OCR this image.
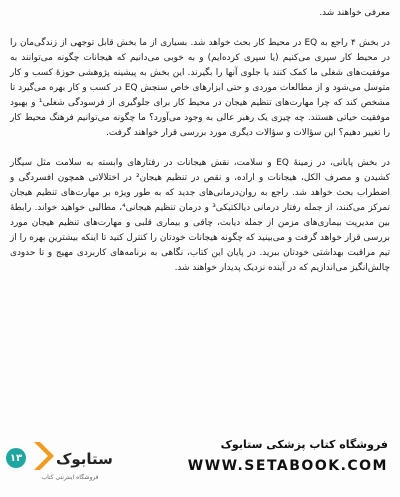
معرفی خواهند شد.

در بخش ۴ راجع به EQ در محیط کار بحث خواهد شد. بسیاری از ما بخش قابل توجهی از زندگی‌مان را در محیط کار سپری می‌کنیم (یا سپری کرده‌ایم) و به خوبی می‌دانیم که هیجانات چگونه می‌توانند به موفقیت‌های شغلی ما کمک کنند یا جلوی آنها را بگیرند. این بخش به پیشینه پژوهشی حوزهٔ کسب و کار متوسل می‌شود و از مطالعات موردی و حتی ابزارهای خاص سنجش EQ در کسب و کار بهره می‌گیرد تا مشخص کند که چرا مهارت‌های تنظیم هیجان در محیط کار برای جلوگیری از فرسودگی شغلی¹ و بهبود موفقیت حیاتی هستند. چه چیزی یک رهبر عالی به وجود می‌آورد؟ ما چگونه می‌توانیم فرهنگ محیط کار را تغییر دهیم؟ این سؤالات و سؤالات دیگری مورد بررسی قرار خواهند گرفت.

در بخش پایانی، در زمینهٔ EQ و سلامت، نقش هیجانات در رفتارهای وابسته به سلامت مثل سیگار کشیدن و مصرف الکل، هیجانات و اراده، و نقص در تنظیم هیجان² در اختلالاتی همچون افسردگی و اضطراب بحث خواهد شد. راجع به روان‌درمانی‌های جدید که به طور ویژه بر مهارت‌های تنظیم هیجان تمرکز می‌کنند، از جمله رفتار درمانی دیالکتیکی³ و درمان تنظیم هیجانی⁴، مطالبی خواهید خواند. رابطهٔ بین مدیریت بیماری‌های مزمن از جمله دیابت، چاقی و بیماری قلبی و مهارت‌های تنظیم هیجان مورد بررسی قرار خواهد گرفت و می‌بینید که چگونه هیجانات خودتان را کنترل کنید تا اینکه بیشترین بهره را از تیم مراقبت بهداشتی خودتان ببرید. در پایان این کتاب، نگاهی به برنامه‌های کاربردی مهیج و تا حدودی چالش‌انگیز می‌اندازیم که در آینده نزدیک پدیدار خواهند شد.

۱۳ ستابوک
فروشگاه اینترنتی کتاب
فروشگاه کتاب پزشکی ستابوک
WWW.SETABOOK.COM
